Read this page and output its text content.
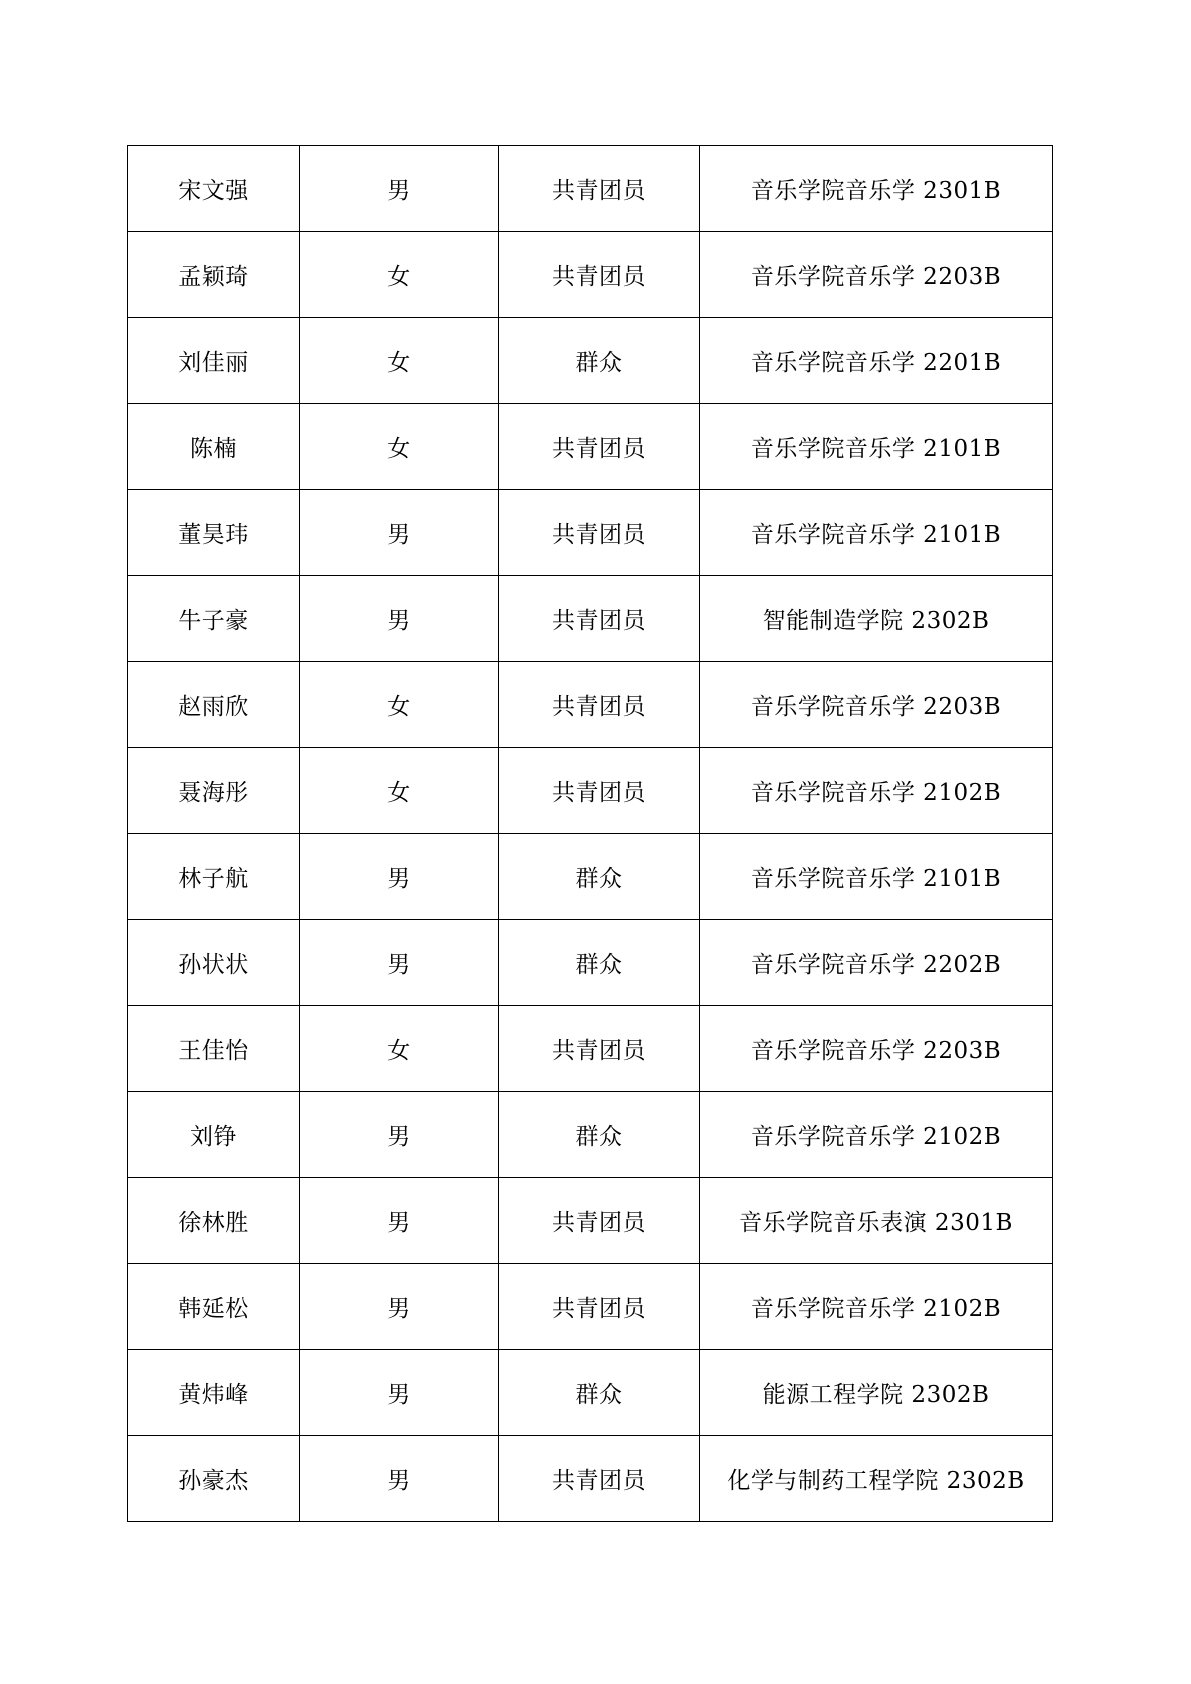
宋文强	男	共青团员	音乐学院音乐学 2301B
孟颖琦	女	共青团员	音乐学院音乐学 2203B
刘佳丽	女	群众	音乐学院音乐学 2201B
陈楠	女	共青团员	音乐学院音乐学 2101B
董昊玮	男	共青团员	音乐学院音乐学 2101B
牛子豪	男	共青团员	智能制造学院 2302B
赵雨欣	女	共青团员	音乐学院音乐学 2203B
聂海彤	女	共青团员	音乐学院音乐学 2102B
林子航	男	群众	音乐学院音乐学 2101B
孙状状	男	群众	音乐学院音乐学 2202B
王佳怡	女	共青团员	音乐学院音乐学 2203B
刘铮	男	群众	音乐学院音乐学 2102B
徐林胜	男	共青团员	音乐学院音乐表演 2301B
韩延松	男	共青团员	音乐学院音乐学 2102B
黄炜峰	男	群众	能源工程学院 2302B
孙豪杰	男	共青团员	化学与制药工程学院 2302B
